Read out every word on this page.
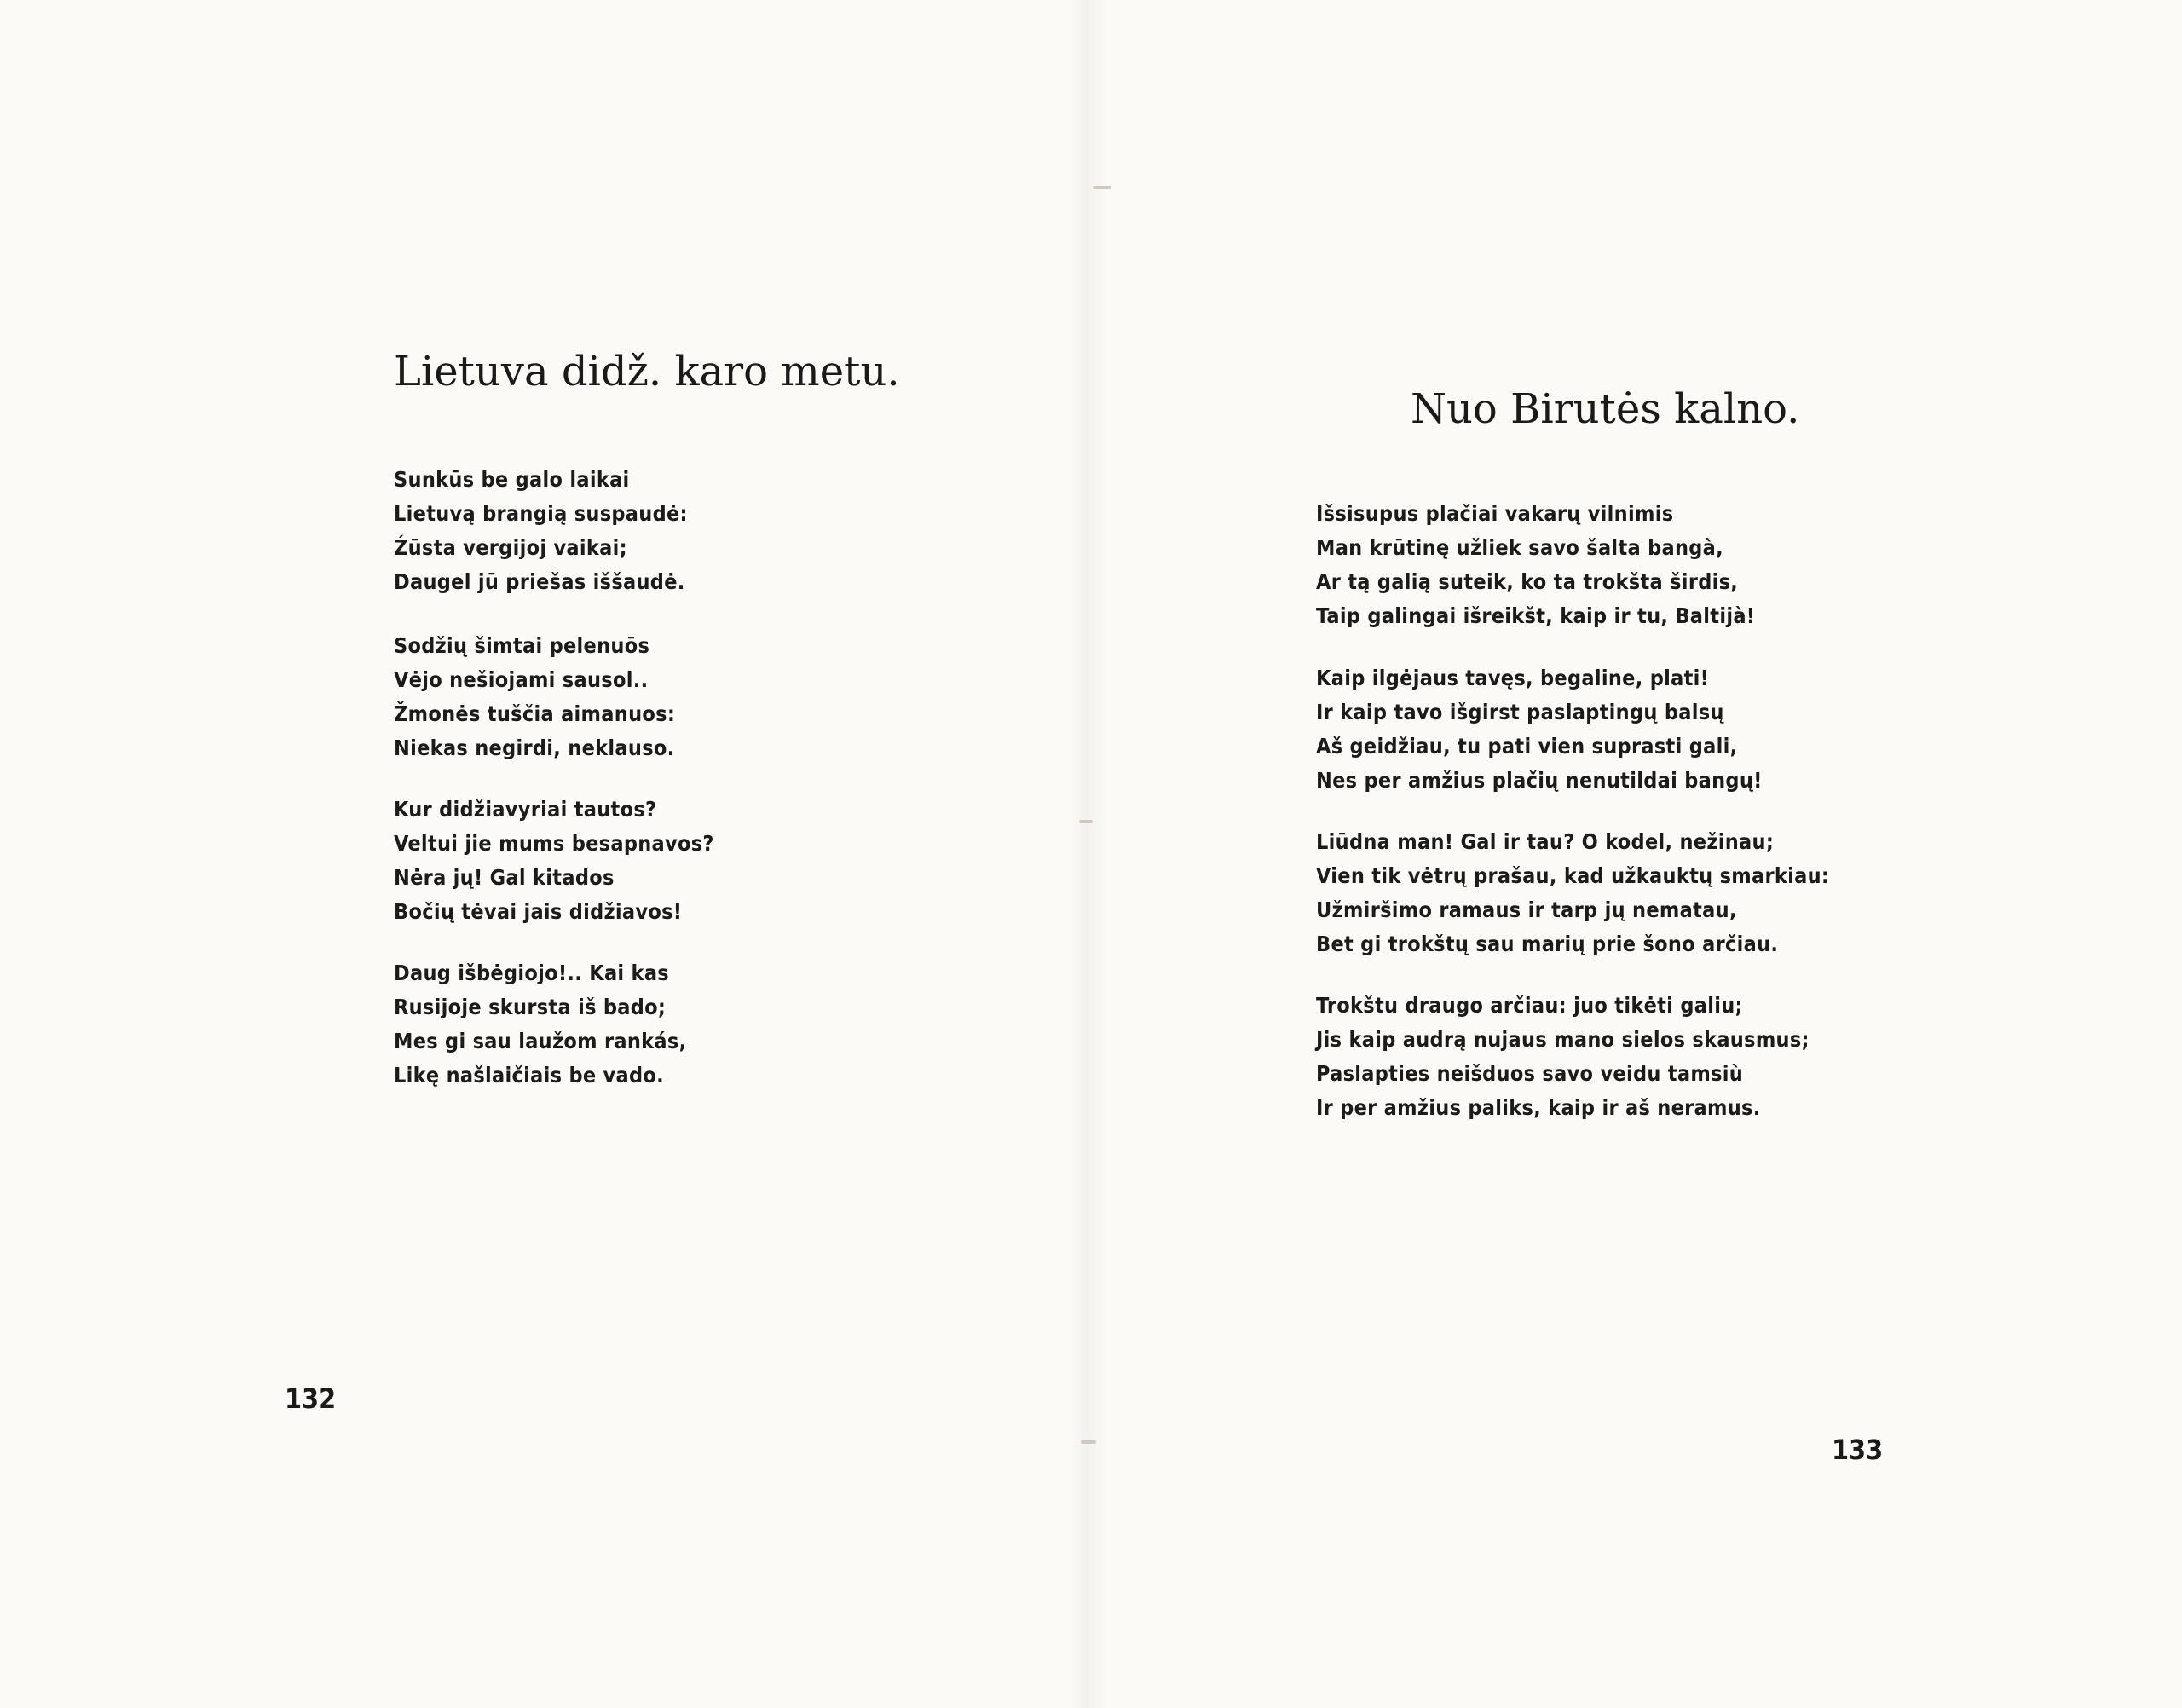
Lietuva didž. karo metu.
Sunkūs be galo laikai
Lietuvą brangią suspaudė:
Źūsta vergijoj vaikai;
Daugel jū priešas iššaudė.
Sodžių šimtai pelenuōs
Vėjo nešiojami sausol..
Žmonės tuščia aimanuos:
Niekas negirdi, neklauso.
Kur didžiavyriai tautos?
Veltui jie mums besapnavos?
Nėra jų! Gal kitados
Bočių tėvai jais didžiavos!
Daug išbėgiojo!.. Kai kas
Rusijoje skursta iš bado;
Mes gi sau laužom rankás,
Likę našlaičiais be vado.
132
Nuo Birutės kalno.
Išsisupus plačiai vakarų vilnimis
Man krūtinę užliek savo šalta bangà,
Ar tą galią suteik, ko ta trokšta širdis,
Taip galingai išreikšt, kaip ir tu, Baltijà!
Kaip ilgėjaus tavęs, begaline, plati!
Ir kaip tavo išgirst paslaptingų balsų
Aš geidžiau, tu pati vien suprasti gali,
Nes per amžius plačių nenutildai bangų!
Liūdna man! Gal ir tau? O kodel, nežinau;
Vien tik vėtrų prašau, kad užkauktų smarkiau:
Užmiršimo ramaus ir tarp jų nematau,
Bet gi trokštų sau marių prie šono arčiau.
Trokštu draugo arčiau: juo tikėti galiu;
Jis kaip audrą nujaus mano sielos skausmus;
Paslapties neišduos savo veidu tamsiù
Ir per amžius paliks, kaip ir aš neramus.
133
